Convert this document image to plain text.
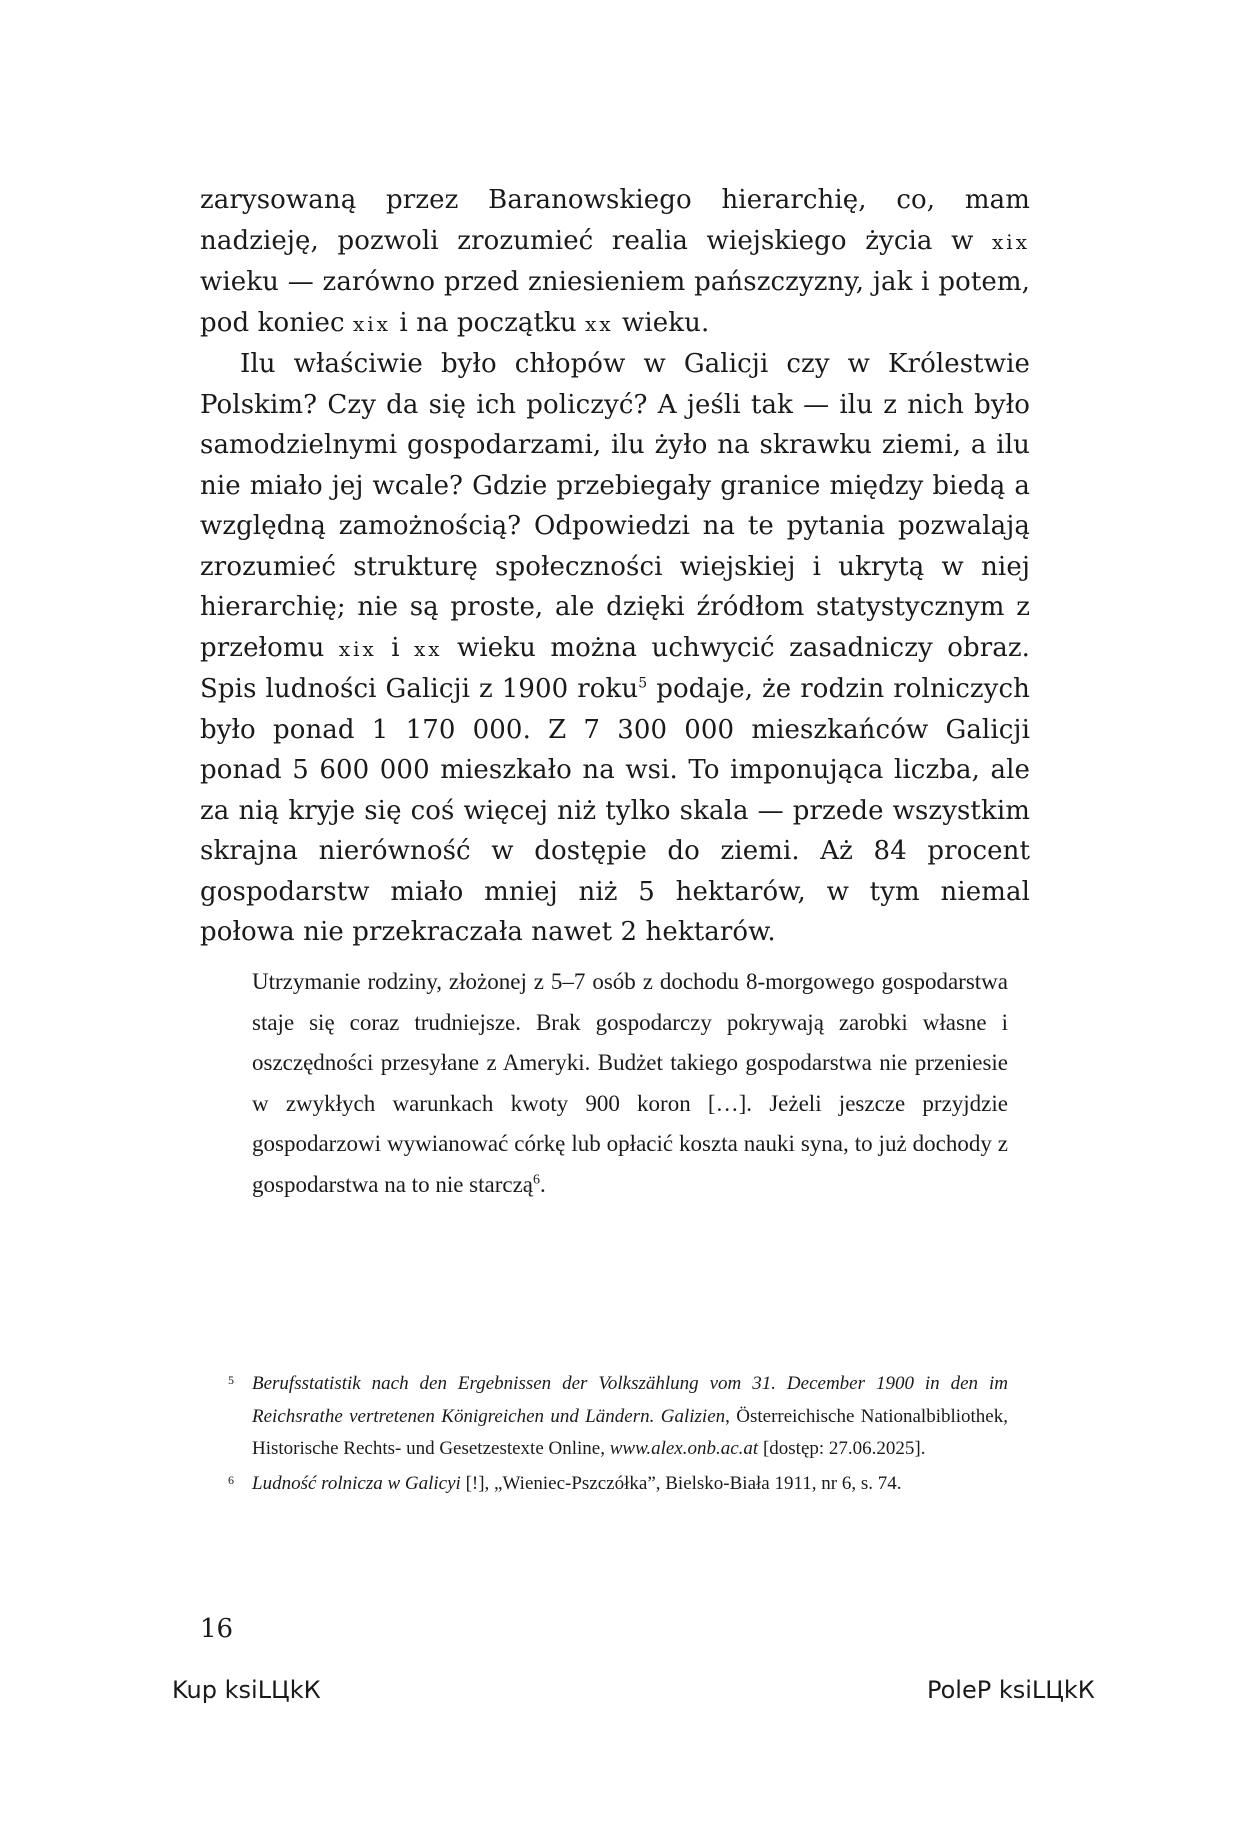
zarysowaną przez Baranowskiego hierarchię, co, mam nadzieję, pozwoli zrozumieć realia wiejskiego życia w xix wieku — zarówno przed zniesieniem pańszczyzny, jak i potem, pod koniec xix i na początku xx wieku.

Ilu właściwie było chłopów w Galicji czy w Królestwie Polskim? Czy da się ich policzyć? A jeśli tak — ilu z nich było samodzielnymi gospodarzami, ilu żyło na skrawku ziemi, a ilu nie miało jej wcale? Gdzie przebiegały granice między biedą a względną zamożnością? Odpowiedzi na te pytania pozwalają zrozumieć strukturę społeczności wiejskiej i ukrytą w niej hierarchię; nie są proste, ale dzięki źródłom statystycznym z przełomu xix i xx wieku można uchwycić zasadniczy obraz. Spis ludności Galicji z 1900 roku$^5$ podaje, że rodzin rolniczych było ponad 1 170 000. Z 7 300 000 mieszkańców Galicji ponad 5 600 000 mieszkało na wsi. To imponująca liczba, ale za nią kryje się coś więcej niż tylko skala — przede wszystkim skrajna nierówność w dostępie do ziemi. Aż 84 procent gospodarstw miało mniej niż 5 hektarów, w tym niemal połowa nie przekraczała nawet 2 hektarów.

Utrzymanie rodziny, złożonej z 5–7 osób z dochodu 8-morgowego gospodarstwa staje się coraz trudniejsze. Brak gospodarczy pokrywają zarobki własne i oszczędności przesyłane z Ameryki. Budżet takiego gospodarstwa nie przeniesie w zwykłych warunkach kwoty 900 koron […]. Jeżeli jeszcze przyjdzie gospodarzowi wywianować córkę lub opłacić koszta nauki syna, to już dochody z gospodarstwa na to nie starczą$^6$.

5 Berufsstatistik nach den Ergebnissen der Volkszählung vom 31. December 1900 in den im Reichsrathe vertretenen Königreichen und Ländern. Galizien, Österreichische Nationalbibliothek, Historische Rechts- und Gesetzestexte Online, www.alex.onb.ac.at [dostęp: 27.06.2025].
6 Ludność rolnicza w Galicyi [!], „Wieniec-Pszczółka”, Bielsko-Biała 1911, nr 6, s. 74.
16
Kup ksiLЦkК	PoleР ksiLЦkК
